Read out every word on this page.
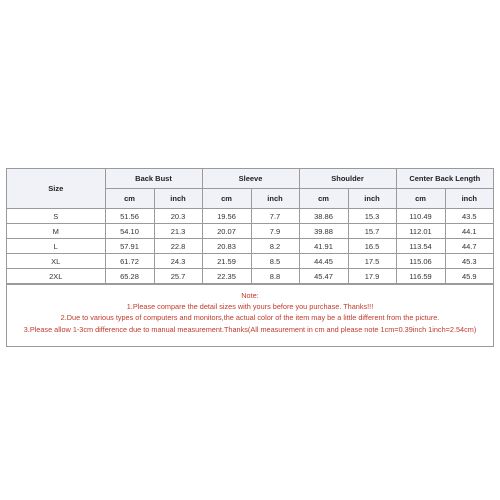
Size	Back Bust		Sleeve		Shoulder		Center Back Length	
	cm	inch	cm	inch	cm	inch	cm	inch
S	51.56	20.3	19.56	7.7	38.86	15.3	110.49	43.5
M	54.10	21.3	20.07	7.9	39.88	15.7	112.01	44.1
L	57.91	22.8	20.83	8.2	41.91	16.5	113.54	44.7
XL	61.72	24.3	21.59	8.5	44.45	17.5	115.06	45.3
2XL	65.28	25.7	22.35	8.8	45.47	17.9	116.59	45.9
Note:
1.Please compare the detail sizes with yours before you purchase. Thanks!!!
2.Due to various types of computers and monitors,the actual color of the item may be a little different from the picture.
3.Please allow 1-3cm difference due to manual measurement.Thanks(All measurement in cm and please note 1cm=0.39inch 1inch=2.54cm)
